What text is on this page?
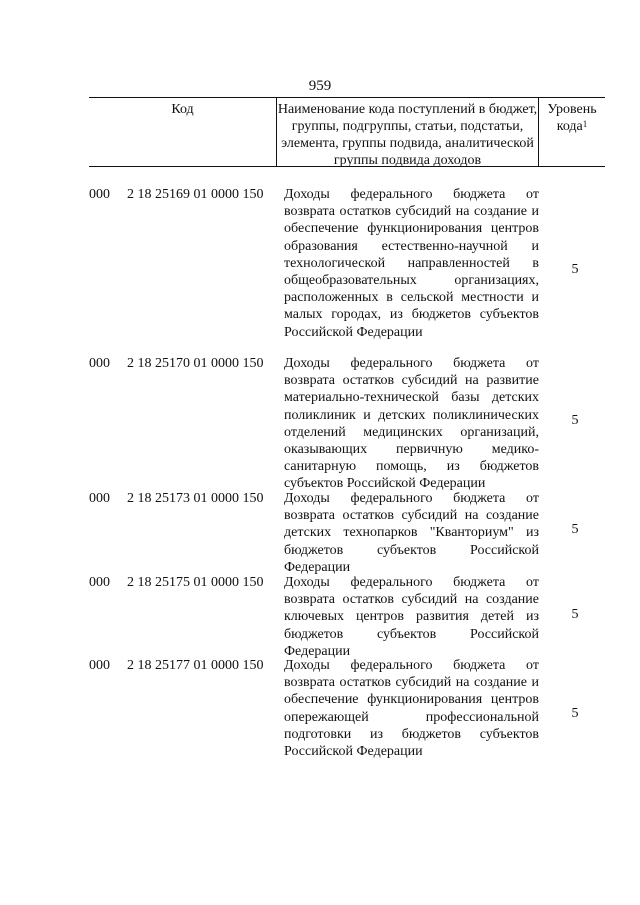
959
Код	Наименование кода поступлений в бюджет, группы, подгруппы, статьи, подстатьи, элемента, группы подвида, аналитической группы подвида доходов
Уровень кода$^1$
000 2 18 25169 01 0000 150 Доходы федерального бюджета от возврата остатков субсидий на создание и обеспечение функционирования центров образования естественно-научной и технологической направленностей в общеобразовательных организациях, расположенных в сельской местности и малых городах, из бюджетов субъектов Российской Федерации
5
000 2 18 25170 01 0000 150 Доходы федерального бюджета от возврата остатков субсидий на развитие материально-технической базы детских поликлиник и детских поликлинических отделений медицинских организаций, оказывающих первичную медико-санитарную помощь, из бюджетов субъектов Российской Федерации
5
000 2 18 25173 01 0000 150 Доходы федерального бюджета от возврата остатков субсидий на создание детских технопарков "Кванториум" из бюджетов субъектов Российской Федерации
5
000 2 18 25175 01 0000 150 Доходы федерального бюджета от возврата остатков субсидий на создание ключевых центров развития детей из бюджетов субъектов Российской Федерации
5
000 2 18 25177 01 0000 150 Доходы федерального бюджета от возврата остатков субсидий на создание и обеспечение функционирования центров опережающей профессиональной подготовки из бюджетов субъектов Российской Федерации
5
